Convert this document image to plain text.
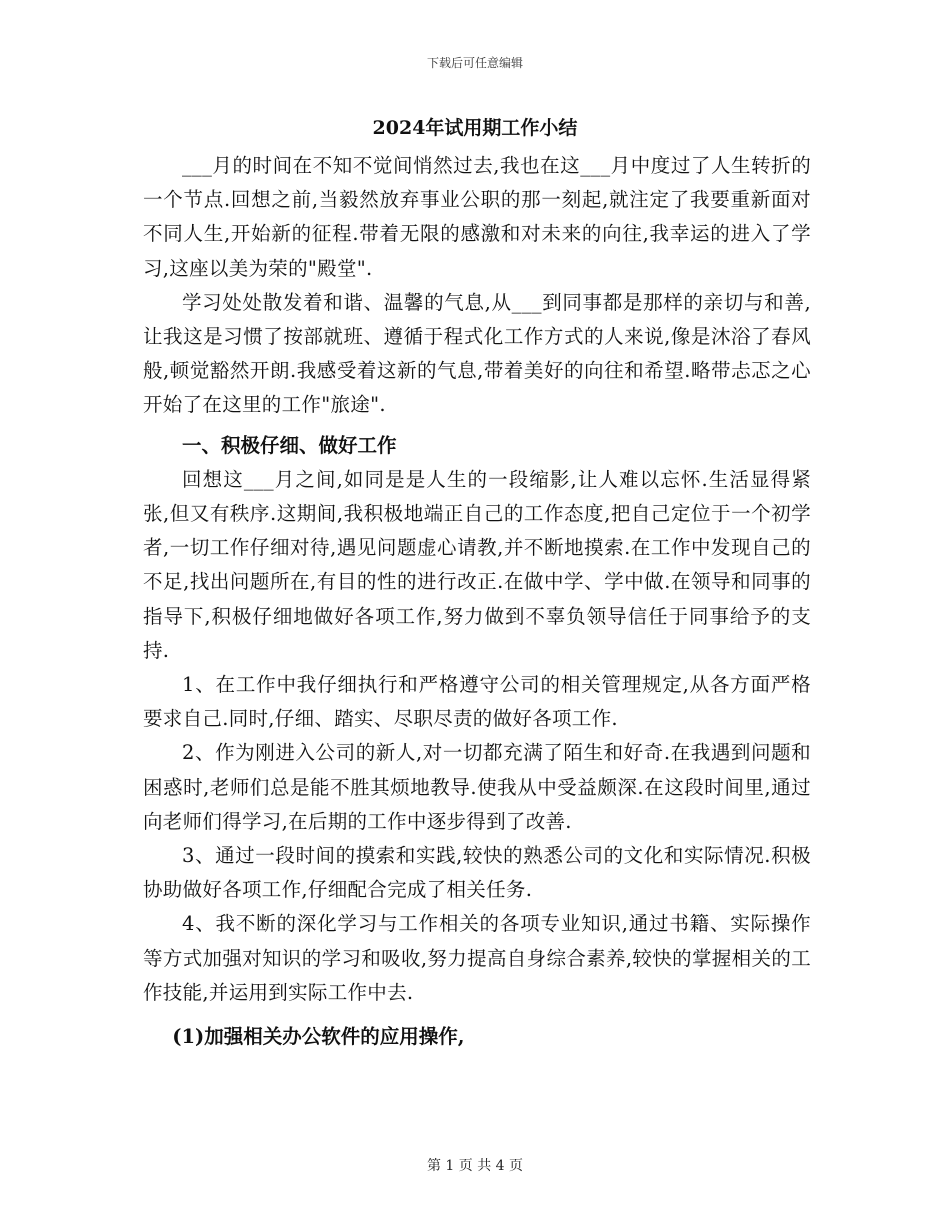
下载后可任意编辑
2024年试用期工作小结

___月的时间在不知不觉间悄然过去,我也在这___月中度过了人生转折的一个节点.回想之前,当毅然放弃事业公职的那一刻起,就注定了我要重新面对不同人生,开始新的征程.带着无限的感激和对未来的向往,我幸运的进入了学习,这座以美为荣的"殿堂".

学习处处散发着和谐、温馨的气息,从___到同事都是那样的亲切与和善,让我这是习惯了按部就班、遵循于程式化工作方式的人来说,像是沐浴了春风般,顿觉豁然开朗.我感受着这新的气息,带着美好的向往和希望.略带忐忑之心开始了在这里的工作"旅途".

一、积极仔细、做好工作

回想这___月之间,如同是是人生的一段缩影,让人难以忘怀.生活显得紧张,但又有秩序.这期间,我积极地端正自己的工作态度,把自己定位于一个初学者,一切工作仔细对待,遇见问题虚心请教,并不断地摸索.在工作中发现自己的不足,找出问题所在,有目的性的进行改正.在做中学、学中做.在领导和同事的指导下,积极仔细地做好各项工作,努力做到不辜负领导信任于同事给予的支持.

1、在工作中我仔细执行和严格遵守公司的相关管理规定,从各方面严格要求自己.同时,仔细、踏实、尽职尽责的做好各项工作.

2、作为刚进入公司的新人,对一切都充满了陌生和好奇.在我遇到问题和困惑时,老师们总是能不胜其烦地教导.使我从中受益颇深.在这段时间里,通过向老师们得学习,在后期的工作中逐步得到了改善.

3、通过一段时间的摸索和实践,较快的熟悉公司的文化和实际情况.积极协助做好各项工作,仔细配合完成了相关任务.

4、我不断的深化学习与工作相关的各项专业知识,通过书籍、实际操作等方式加强对知识的学习和吸收,努力提高自身综合素养,较快的掌握相关的工作技能,并运用到实际工作中去.

(1)加强相关办公软件的应用操作,

第 1 页 共 4 页
